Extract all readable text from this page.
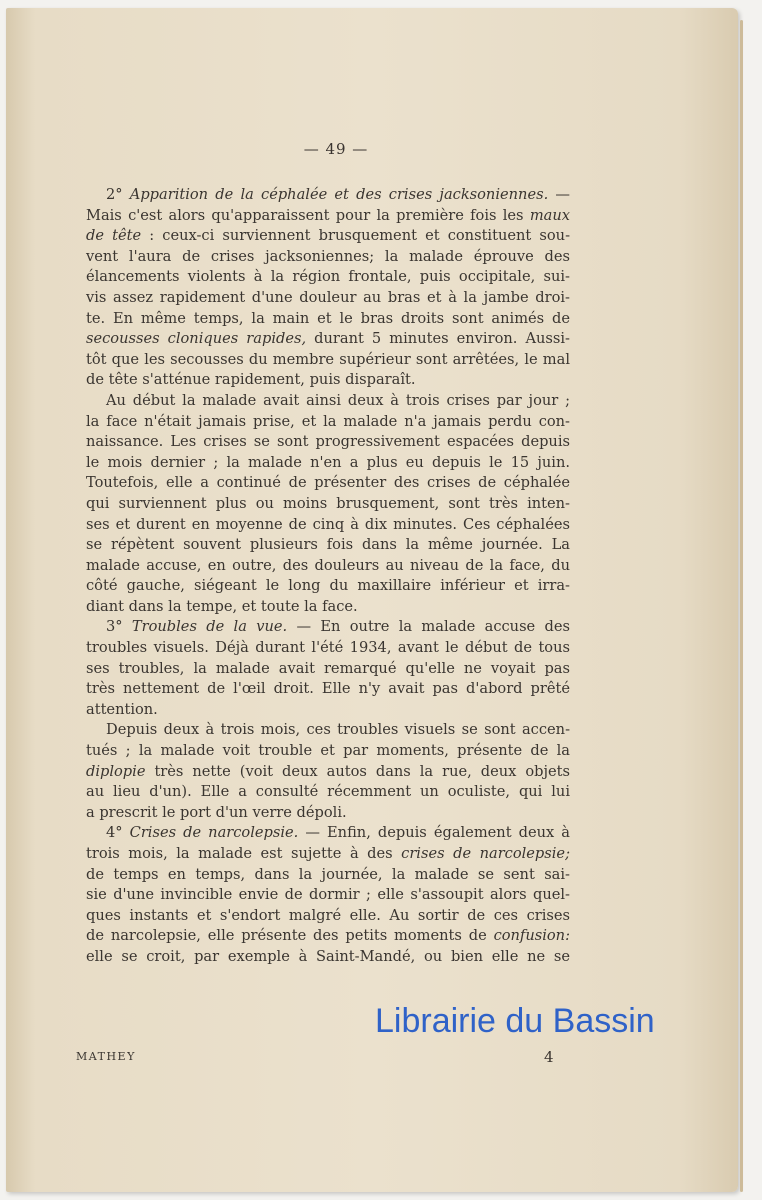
— 49 —
2° Apparition de la céphalée et des crises jacksoniennes. —
Mais c'est alors qu'apparaissent pour la première fois les maux
de tête : ceux-ci surviennent brusquement et constituent sou-
vent l'aura de crises jacksoniennes; la malade éprouve des
élancements violents à la région frontale, puis occipitale, sui-
vis assez rapidement d'une douleur au bras et à la jambe droi-
te. En même temps, la main et le bras droits sont animés de
secousses cloniques rapides, durant 5 minutes environ. Aussi-
tôt que les secousses du membre supérieur sont arrêtées, le mal
de tête s'atténue rapidement, puis disparaît.
Au début la malade avait ainsi deux à trois crises par jour ;
la face n'était jamais prise, et la malade n'a jamais perdu con-
naissance. Les crises se sont progressivement espacées depuis
le mois dernier ; la malade n'en a plus eu depuis le 15 juin.
Toutefois, elle a continué de présenter des crises de céphalée
qui surviennent plus ou moins brusquement, sont très inten-
ses et durent en moyenne de cinq à dix minutes. Ces céphalées
se répètent souvent plusieurs fois dans la même journée. La
malade accuse, en outre, des douleurs au niveau de la face, du
côté gauche, siégeant le long du maxillaire inférieur et irra-
diant dans la tempe, et toute la face.
3° Troubles de la vue. — En outre la malade accuse des
troubles visuels. Déjà durant l'été 1934, avant le début de tous
ses troubles, la malade avait remarqué qu'elle ne voyait pas
très nettement de l'œil droit. Elle n'y avait pas d'abord prêté
attention.
Depuis deux à trois mois, ces troubles visuels se sont accen-
tués ; la malade voit trouble et par moments, présente de la
diplopie très nette (voit deux autos dans la rue, deux objets
au lieu d'un). Elle a consulté récemment un oculiste, qui lui
a prescrit le port d'un verre dépoli.
4° Crises de narcolepsie. — Enfin, depuis également deux à
trois mois, la malade est sujette à des crises de narcolepsie;
de temps en temps, dans la journée, la malade se sent sai-
sie d'une invincible envie de dormir ; elle s'assoupit alors quel-
ques instants et s'endort malgré elle. Au sortir de ces crises
de narcolepsie, elle présente des petits moments de confusion:
elle se croit, par exemple à Saint-Mandé, ou bien elle ne se
MATHEY	4
Librairie du Bassin
